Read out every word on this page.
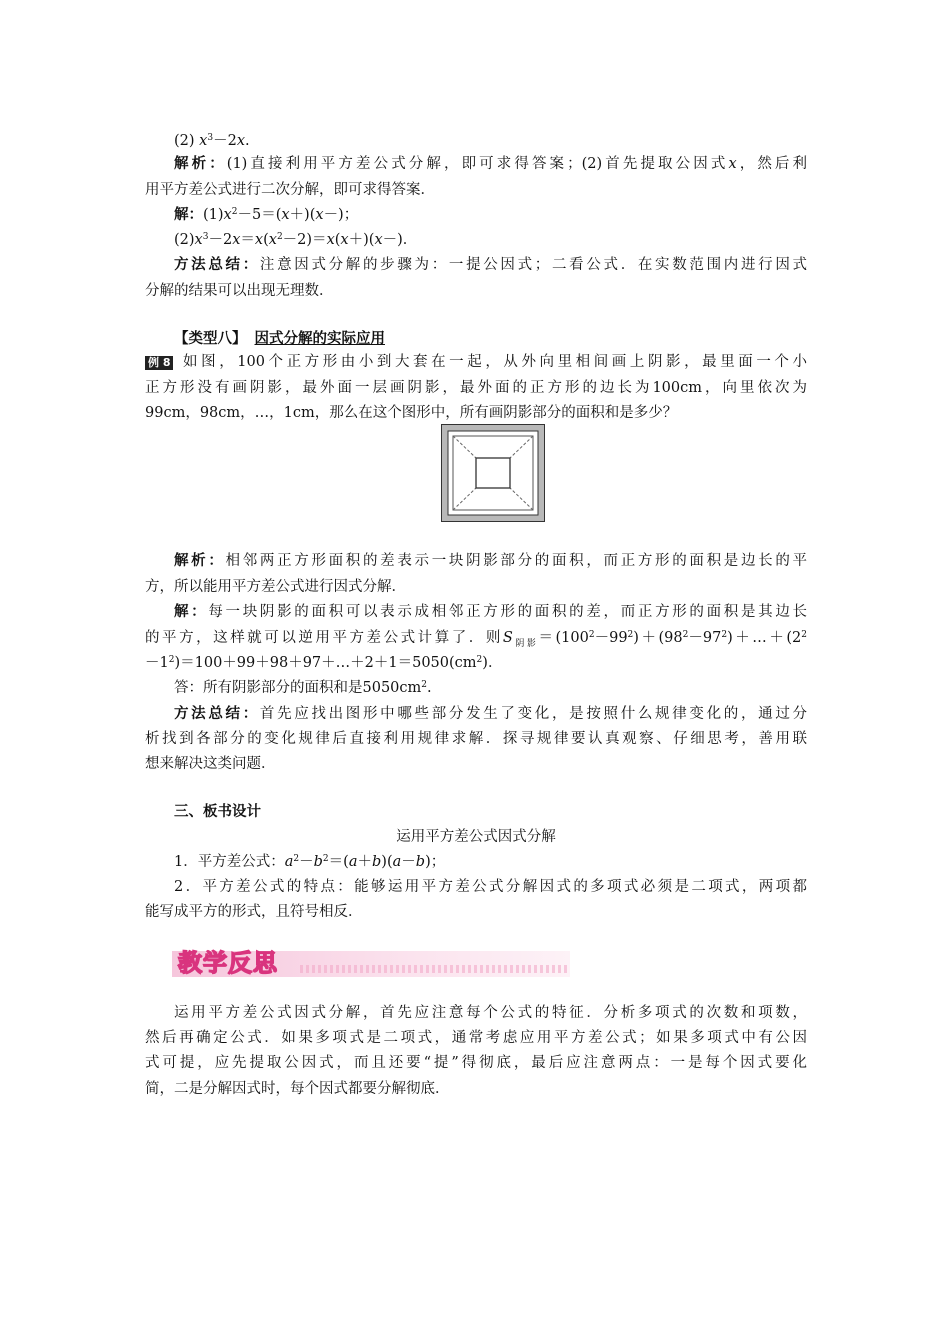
(2) $x^3-2x$.
解析：(1)直接利用平方差公式分解，即可求得答案；(2)首先提取公因式x，然后利
用平方差公式进行二次分解，即可求得答案．
解：$(1)x^2-5=(x+)(x-)$；
$(2)x^3-2x=x(x^2-2)=x(x+)(x-)$．
方法总结：注意因式分解的步骤为：一提公因式；二看公式．在实数范围内进行因式
分解的结果可以出现无理数．
【类型八】 因式分解的实际应用
例 8 如图，100个正方形由小到大套在一起，从外向里相间画上阴影，最里面一个小
正方形没有画阴影，最外面一层画阴影，最外面的正方形的边长为100cm，向里依次为
99cm，98cm，…，1cm，那么在这个图形中，所有画阴影部分的面积和是多少？
解析：相邻两正方形面积的差表示一块阴影部分的面积，而正方形的面积是边长的平
方，所以能用平方差公式进行因式分解．
解：每一块阴影的面积可以表示成相邻正方形的面积的差，而正方形的面积是其边长
的平方，这样就可以逆用平方差公式计算了．则$S_{阴影}=(100^2-99^2)+(98^2-97^2)+\dots+(2^2$
$-1^2)=100+99+98+97+\dots+2+1=5050(cm^2)$．
答：所有阴影部分的面积和是$5050cm^2$.
方法总结：首先应找出图形中哪些部分发生了变化，是按照什么规律变化的，通过分
析找到各部分的变化规律后直接利用规律求解．探寻规律要认真观察、仔细思考，善用联
想来解决这类问题．
三、板书设计
运用平方差公式因式分解
1．平方差公式：$a^2-b^2=(a+b)(a-b)$；
2．平方差公式的特点：能够运用平方差公式分解因式的多项式必须是二项式，两项都
能写成平方的形式，且符号相反．
教学反思
运用平方差公式因式分解，首先应注意每个公式的特征．分析多项式的次数和项数，
然后再确定公式．如果多项式是二项式，通常考虑应用平方差公式；如果多项式中有公因
式可提，应先提取公因式，而且还要“提”得彻底，最后应注意两点：一是每个因式要化
简，二是分解因式时，每个因式都要分解彻底．
